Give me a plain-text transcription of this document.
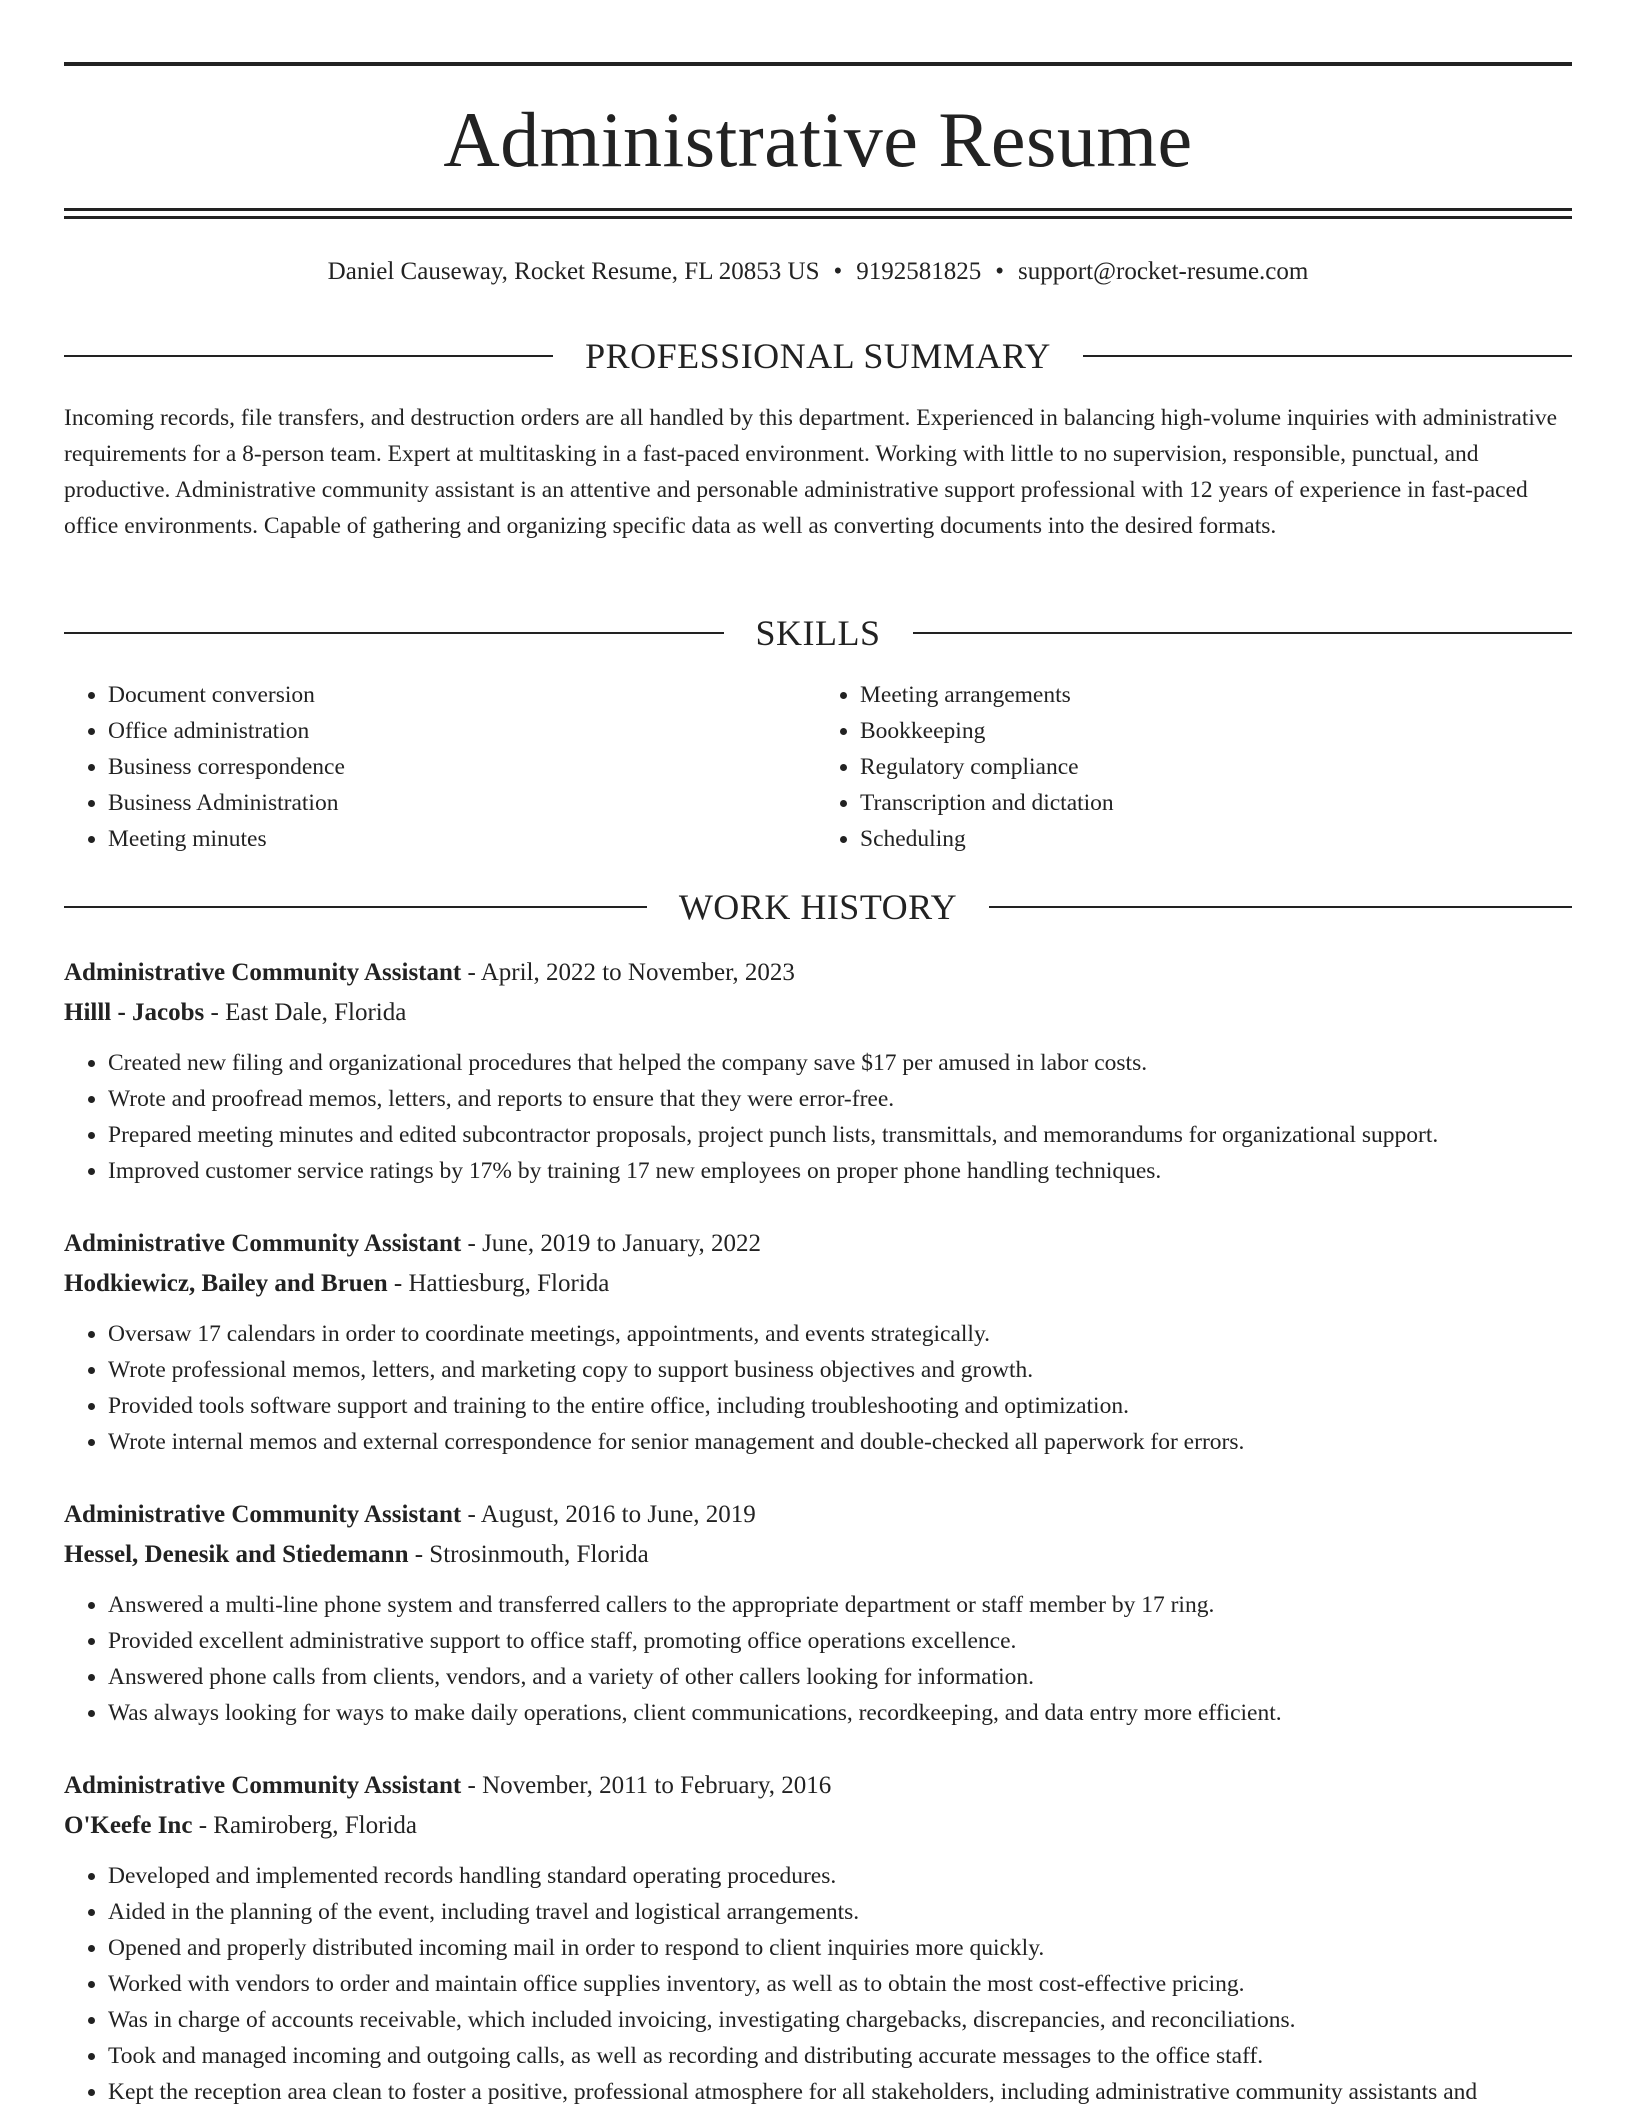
Administrative Resume
Daniel Causeway, Rocket Resume, FL 20853 US • 9192581825 • support@rocket-resume.com
PROFESSIONAL SUMMARY
Incoming records, file transfers, and destruction orders are all handled by this department. Experienced in balancing high-volume inquiries with administrative requirements for a 8-person team. Expert at multitasking in a fast-paced environment. Working with little to no supervision, responsible, punctual, and productive. Administrative community assistant is an attentive and personable administrative support professional with 12 years of experience in fast-paced office environments. Capable of gathering and organizing specific data as well as converting documents into the desired formats.
SKILLS
• Document conversion
• Office administration
• Business correspondence
• Business Administration
• Meeting minutes
• Meeting arrangements
• Bookkeeping
• Regulatory compliance
• Transcription and dictation
• Scheduling
WORK HISTORY
Administrative Community Assistant - April, 2022 to November, 2023
Hilll - Jacobs - East Dale, Florida
• Created new filing and organizational procedures that helped the company save $17 per amused in labor costs.
• Wrote and proofread memos, letters, and reports to ensure that they were error-free.
• Prepared meeting minutes and edited subcontractor proposals, project punch lists, transmittals, and memorandums for organizational support.
• Improved customer service ratings by 17% by training 17 new employees on proper phone handling techniques.
Administrative Community Assistant - June, 2019 to January, 2022
Hodkiewicz, Bailey and Bruen - Hattiesburg, Florida
• Oversaw 17 calendars in order to coordinate meetings, appointments, and events strategically.
• Wrote professional memos, letters, and marketing copy to support business objectives and growth.
• Provided tools software support and training to the entire office, including troubleshooting and optimization.
• Wrote internal memos and external correspondence for senior management and double-checked all paperwork for errors.
Administrative Community Assistant - August, 2016 to June, 2019
Hessel, Denesik and Stiedemann - Strosinmouth, Florida
• Answered a multi-line phone system and transferred callers to the appropriate department or staff member by 17 ring.
• Provided excellent administrative support to office staff, promoting office operations excellence.
• Answered phone calls from clients, vendors, and a variety of other callers looking for information.
• Was always looking for ways to make daily operations, client communications, recordkeeping, and data entry more efficient.
Administrative Community Assistant - November, 2011 to February, 2016
O'Keefe Inc - Ramiroberg, Florida
• Developed and implemented records handling standard operating procedures.
• Aided in the planning of the event, including travel and logistical arrangements.
• Opened and properly distributed incoming mail in order to respond to client inquiries more quickly.
• Worked with vendors to order and maintain office supplies inventory, as well as to obtain the most cost-effective pricing.
• Was in charge of accounts receivable, which included invoicing, investigating chargebacks, discrepancies, and reconciliations.
• Took and managed incoming and outgoing calls, as well as recording and distributing accurate messages to the office staff.
• Kept the reception area clean to foster a positive, professional atmosphere for all stakeholders, including administrative community assistants and
